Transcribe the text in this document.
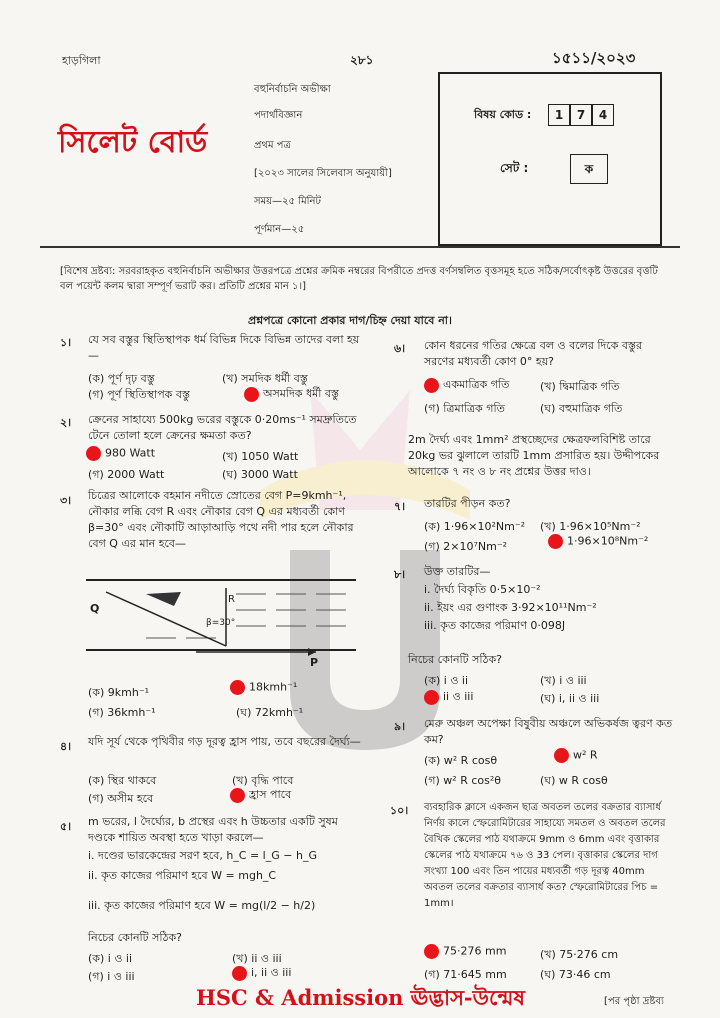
হাড়গিলা	২৮১	১৫১১/২০২৩
সিলেট বোর্ড
বহুনির্বাচনি অভীক্ষা
পদার্থবিজ্ঞান
প্রথম পত্র
[২০২৩ সালের সিলেবাস অনুযায়ী]
সময়—২৫ মিনিট
পূর্ণমান—২৫
বিষয় কোড :	1	7	4
সেট :	ক
[বিশেষ দ্রষ্টব্য: সরবরাহকৃত বহুনির্বাচনি অভীক্ষার উত্তরপত্রে প্রশ্নের ক্রমিক নম্বরের বিপরীতে প্রদত্ত বর্ণসম্বলিত বৃত্তসমূহ হতে সঠিক/সর্বোৎকৃষ্ট উত্তরের বৃত্তটি বল পয়েন্ট কলম দ্বারা সম্পূর্ণ ভরাট কর। প্রতিটি প্রশ্নের মান ১।]
প্রশ্নপত্রে কোনো প্রকার দাগ/চিহ্ন দেয়া যাবে না।
১। যে সব বস্তুর স্থিতিস্থাপক ধর্ম বিভিন্ন দিকে বিভিন্ন তাদের বলা হয়—
(ক) পূর্ণ দৃঢ় বস্তু	(খ) সমদিক ধর্মী বস্তু
(গ) পূর্ণ স্থিতিস্থাপক বস্তু	অসমদিক ধর্মী বস্তু
২। ক্রেনের সাহায্যে 500kg ভরের বস্তুকে 0·20ms⁻¹ সমদ্রুতিতে টেনে তোলা হলে ক্রেনের ক্ষমতা কত?
980 Watt	(খ) 1050 Watt
(গ) 2000 Watt	(ঘ) 3000 Watt
৩। চিত্রের আলোকে বহমান নদীতে স্রোতের বেগ P=9kmh⁻¹, নৌকার লব্ধি বেগ R এবং নৌকার বেগ Q এর মধ্যবর্তী কোণ β=30° এবং নৌকাটি আড়াআড়ি পথে নদী পার হলে নৌকার বেগ Q এর মান হবে—
Q
R
β=30°
P
(ক) 9kmh⁻¹	18kmh⁻¹
(গ) 36kmh⁻¹	(ঘ) 72kmh⁻¹
৪। যদি সূর্য থেকে পৃথিবীর গড় দূরত্ব হ্রাস পায়, তবে বছরের দৈর্ঘ্য—
(ক) স্থির থাকবে	(খ) বৃদ্ধি পাবে
(গ) অসীম হবে	হ্রাস পাবে
৫। m ভরের, l দৈর্ঘ্যের, b প্রস্থের এবং h উচ্চতার একটি সুষম দণ্ডকে শায়িত অবস্থা হতে খাড়া করলে—
i. দণ্ডের ভারকেন্দ্রের সরণ হবে, h_C = l_G − h_G
ii. কৃত কাজের পরিমাণ হবে W = mgh_C
iii. কৃত কাজের পরিমাণ হবে W = mg(l/2 − h/2)
নিচের কোনটি সঠিক?
(ক) i ও ii	(খ) ii ও iii
(গ) i ও iii	i, ii ও iii
৬। কোন ধরনের গতির ক্ষেত্রে বল ও বলের দিকে বস্তুর সরণের মধ্যবর্তী কোণ 0° হয়?
একমাত্রিক গতি	(খ) দ্বিমাত্রিক গতি
(গ) ত্রিমাত্রিক গতি	(ঘ) বহুমাত্রিক গতি
2m দৈর্ঘ্য এবং 1mm² প্রস্থচ্ছেদের ক্ষেত্রফলবিশিষ্ট তারে 20kg ভর ঝুলালে তারটি 1mm প্রসারিত হয়। উদ্দীপকের আলোকে ৭ নং ও ৮ নং প্রশ্নের উত্তর দাও।
৭। তারটির পীড়ন কত?
(ক) 1·96×10²Nm⁻² (খ) 1·96×10⁵Nm⁻²
(গ) 2×10⁷Nm⁻²	1·96×10⁸Nm⁻²
৮। উক্ত তারটির—
i. দৈর্ঘ্য বিকৃতি 0·5×10⁻²
ii. ইয়ং এর গুণাংক 3·92×10¹¹Nm⁻²
iii. কৃত কাজের পরিমাণ 0·098J
নিচের কোনটি সঠিক?
(ক) i ও ii
ii ও iii
(খ) i ও iii
(ঘ) i, ii ও iii
৯। মেরু অঞ্চল অপেক্ষা বিষুবীয় অঞ্চলে অভিকর্ষজ ত্বরণ কত কম?
(ক) w² R cosθ	w² R
(গ) w² R cos²θ	(ঘ) w R cosθ
১০। ব্যবহারিক ক্লাসে একজন ছাত্র অবতল তলের বক্রতার ব্যাসার্ধ নির্ণয় কালে স্ফেরোমিটারের সাহায্যে সমতল ও অবতল তলের বৈখিক স্কেলের পাঠ যথাক্রমে 9mm ও 6mm এবং বৃত্তাকার স্কেলের পাঠ যথাক্রমে ৭৬ ও 33 পেল। বৃত্তাকার স্কেলের দাগ সংখ্যা 100 এবং তিন পায়ের মধ্যবর্তী গড় দূরত্ব 40mm অবতল তলের বক্রতার ব্যাসার্ধ কত? স্ফেরোমিটারের পিচ = 1mm।
75·276 mm	(খ) 75·276 cm
(গ) 71·645 mm	(ঘ) 73·46 cm
HSC & Admission ঊদ্ভাস-উন্মেষ	[পর পৃষ্ঠা দ্রষ্টব্য
